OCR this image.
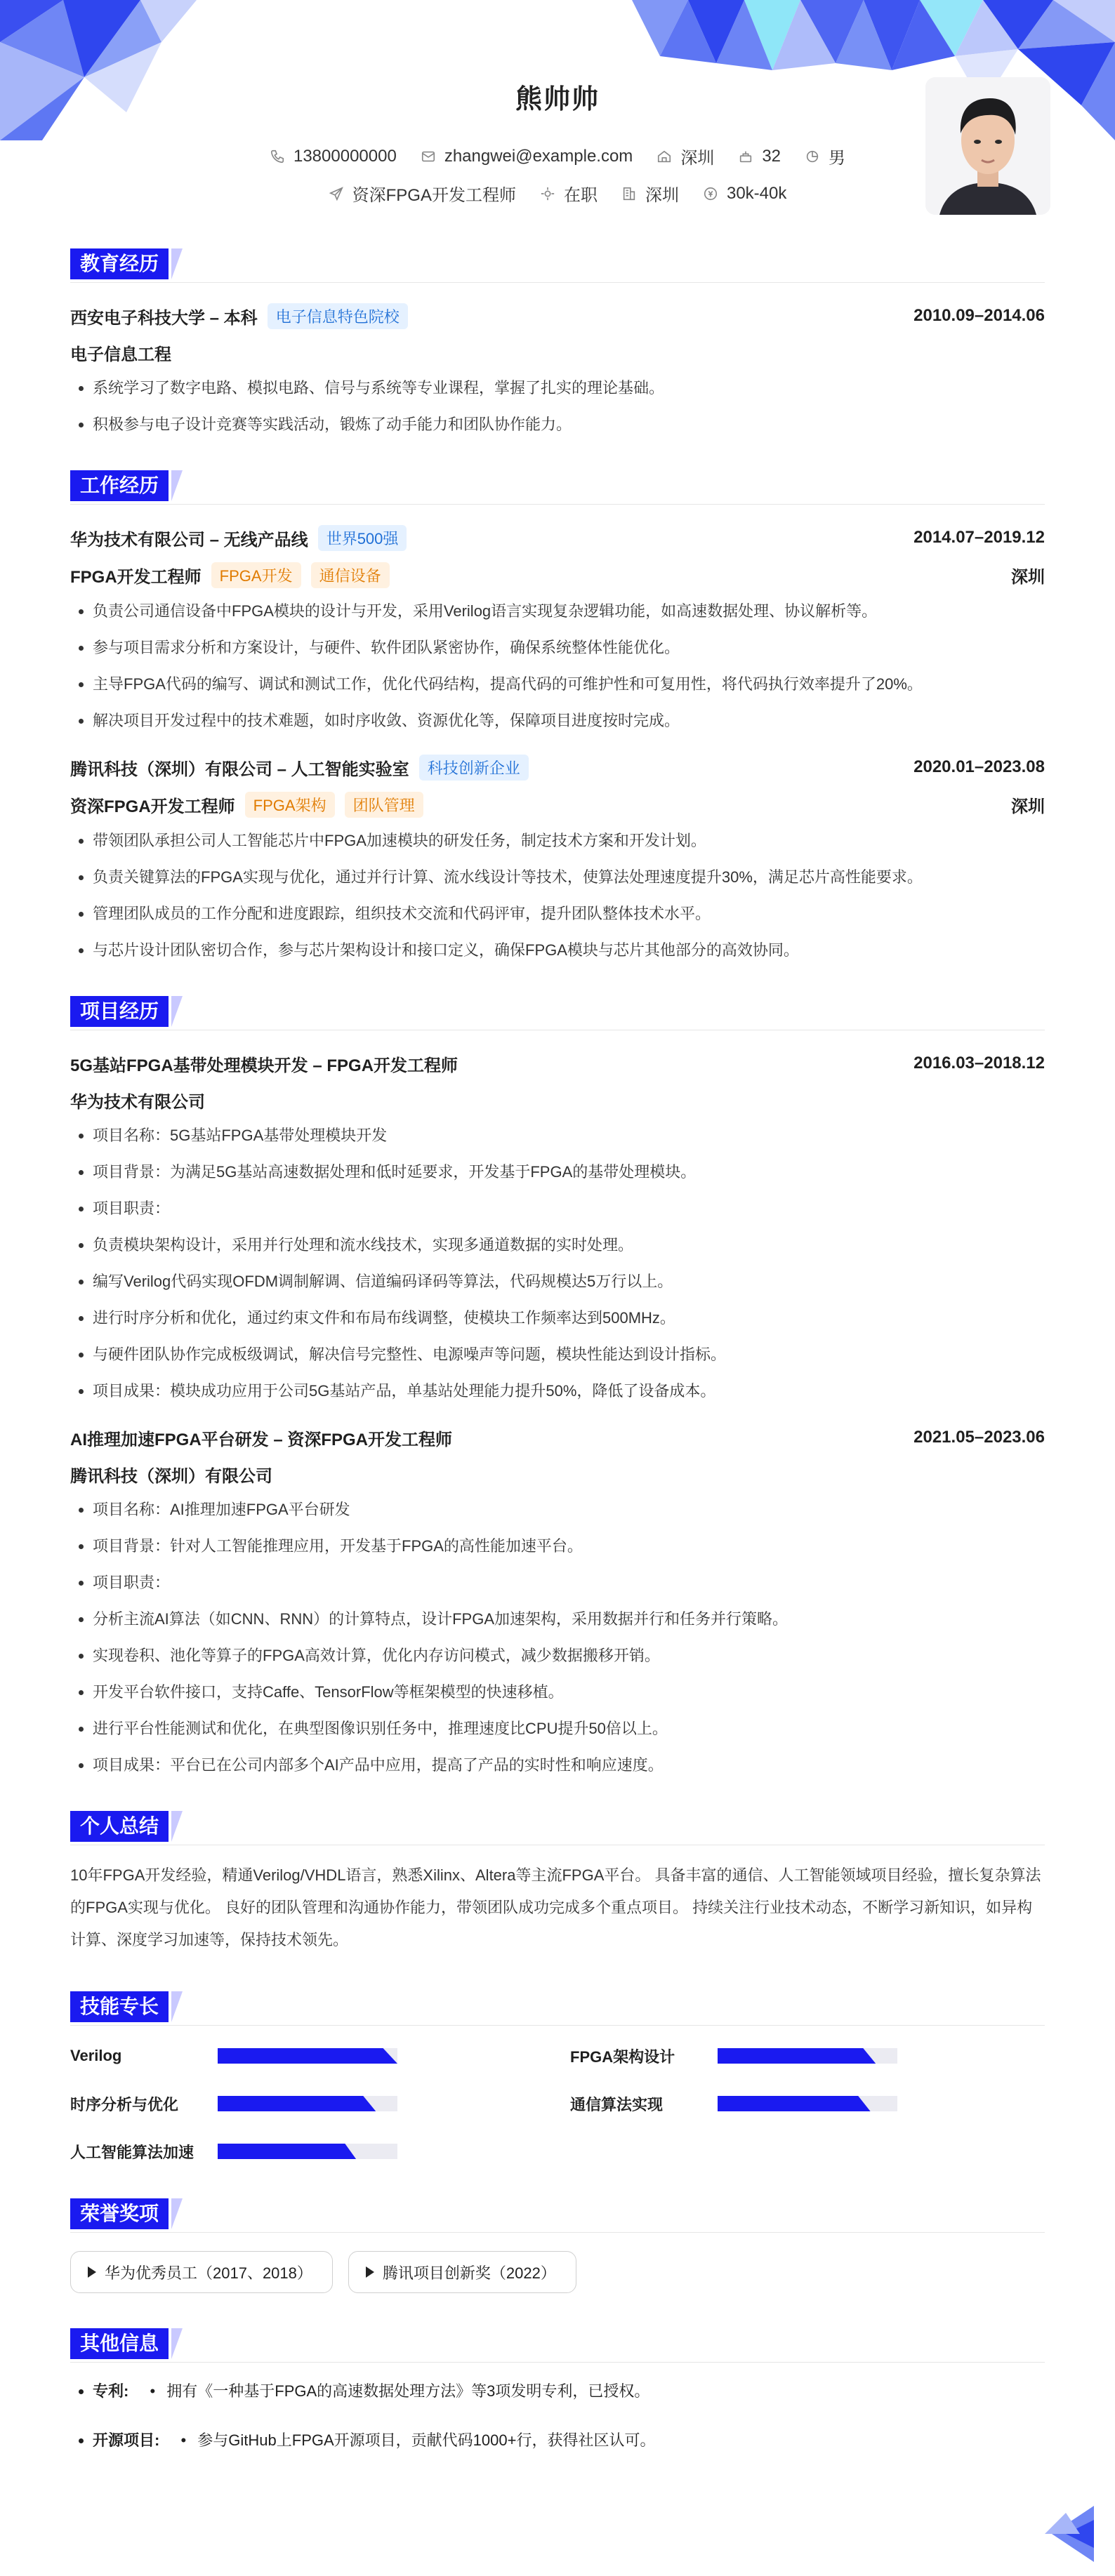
熊帅帅
13800000000	zhangwei@example.com	深圳	32	男
资深FPGA开发工程师	在职	深圳	30k-40k
教育经历
西安电子科技大学 – 本科	电子信息特色院校	2010.09–2014.06
电子信息工程
• 系统学习了数字电路、模拟电路、信号与系统等专业课程，掌握了扎实的理论基础。
• 积极参与电子设计竞赛等实践活动，锻炼了动手能力和团队协作能力。
工作经历
华为技术有限公司 – 无线产品线	世界500强	2014.07–2019.12
FPGA开发工程师	FPGA开发	通信设备	深圳
• 负责公司通信设备中FPGA模块的设计与开发，采用Verilog语言实现复杂逻辑功能，如高速数据处理、协议解析等。
• 参与项目需求分析和方案设计，与硬件、软件团队紧密协作，确保系统整体性能优化。
• 主导FPGA代码的编写、调试和测试工作，优化代码结构，提高代码的可维护性和可复用性，将代码执行效率提升了20%。
• 解决项目开发过程中的技术难题，如时序收敛、资源优化等，保障项目进度按时完成。
腾讯科技（深圳）有限公司 – 人工智能实验室	科技创新企业	2020.01–2023.08
资深FPGA开发工程师	FPGA架构	团队管理	深圳
• 带领团队承担公司人工智能芯片中FPGA加速模块的研发任务，制定技术方案和开发计划。
• 负责关键算法的FPGA实现与优化，通过并行计算、流水线设计等技术，使算法处理速度提升30%，满足芯片高性能要求。
• 管理团队成员的工作分配和进度跟踪，组织技术交流和代码评审，提升团队整体技术水平。
• 与芯片设计团队密切合作，参与芯片架构设计和接口定义，确保FPGA模块与芯片其他部分的高效协同。
项目经历
5G基站FPGA基带处理模块开发 – FPGA开发工程师	2016.03–2018.12
华为技术有限公司
• 项目名称：5G基站FPGA基带处理模块开发
• 项目背景：为满足5G基站高速数据处理和低时延要求，开发基于FPGA的基带处理模块。
• 项目职责：
• 负责模块架构设计，采用并行处理和流水线技术，实现多通道数据的实时处理。
• 编写Verilog代码实现OFDM调制解调、信道编码译码等算法，代码规模达5万行以上。
• 进行时序分析和优化，通过约束文件和布局布线调整，使模块工作频率达到500MHz。
• 与硬件团队协作完成板级调试，解决信号完整性、电源噪声等问题，模块性能达到设计指标。
• 项目成果：模块成功应用于公司5G基站产品，单基站处理能力提升50%，降低了设备成本。
AI推理加速FPGA平台研发 – 资深FPGA开发工程师	2021.05–2023.06
腾讯科技（深圳）有限公司
• 项目名称：AI推理加速FPGA平台研发
• 项目背景：针对人工智能推理应用，开发基于FPGA的高性能加速平台。
• 项目职责：
• 分析主流AI算法（如CNN、RNN）的计算特点，设计FPGA加速架构，采用数据并行和任务并行策略。
• 实现卷积、池化等算子的FPGA高效计算，优化内存访问模式，减少数据搬移开销。
• 开发平台软件接口，支持Caffe、TensorFlow等框架模型的快速移植。
• 进行平台性能测试和优化，在典型图像识别任务中，推理速度比CPU提升50倍以上。
• 项目成果：平台已在公司内部多个AI产品中应用，提高了产品的实时性和响应速度。
个人总结
10年FPGA开发经验，精通Verilog/VHDL语言，熟悉Xilinx、Altera等主流FPGA平台。 具备丰富的通信、人工智能领域项目经验，擅长复杂算法的FPGA实现与优化。 良好的团队管理和沟通协作能力，带领团队成功完成多个重点项目。 持续关注行业技术动态，不断学习新知识，如异构计算、深度学习加速等，保持技术领先。
技能专长
Verilog	FPGA架构设计
时序分析与优化	通信算法实现
人工智能算法加速
荣誉奖项
华为优秀员工（2017、2018）	腾讯项目创新奖（2022）
其他信息
• 专利: • 拥有《一种基于FPGA的高速数据处理方法》等3项发明专利，已授权。
• 开源项目: • 参与GitHub上FPGA开源项目，贡献代码1000+行，获得社区认可。
